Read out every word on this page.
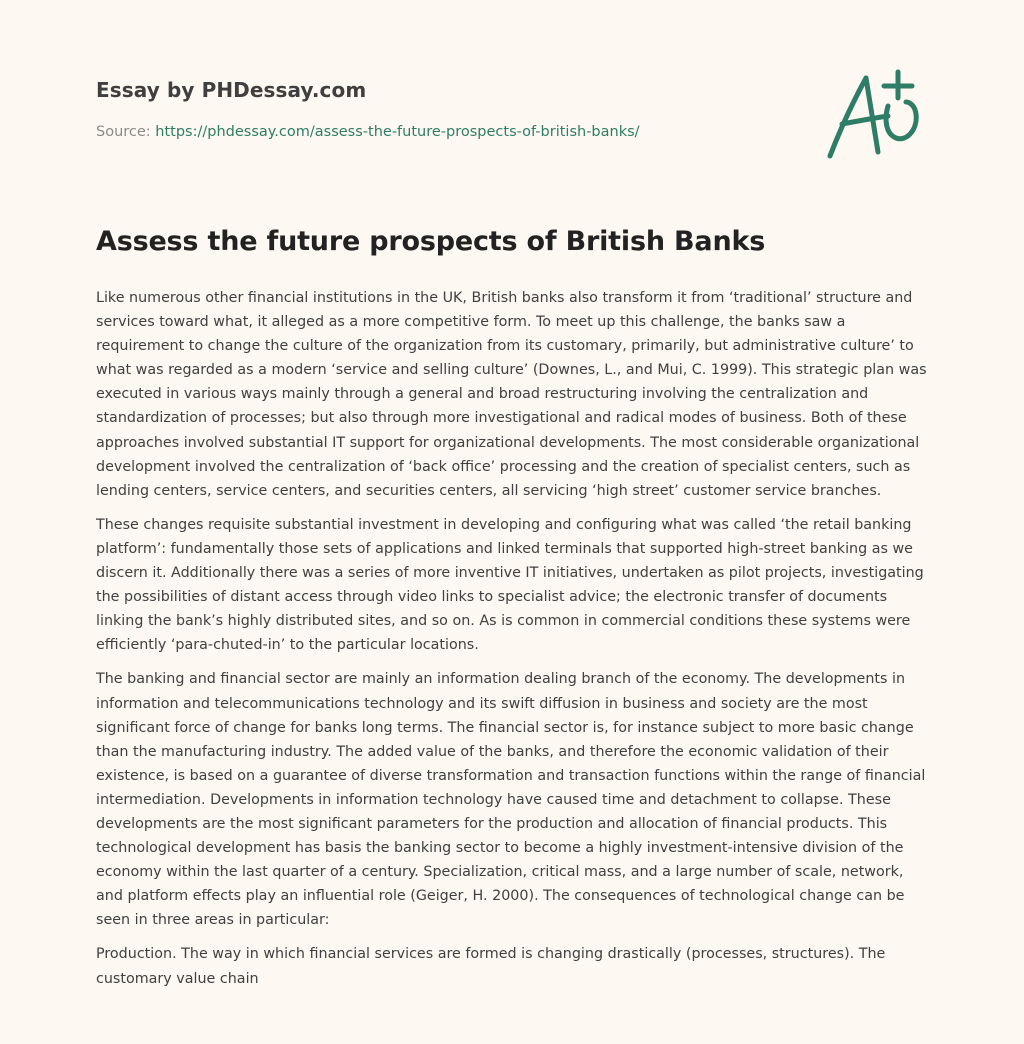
Essay by PHDessay.com
Source: https://phdessay.com/assess-the-future-prospects-of-british-banks/
Assess the future prospects of British Banks

Like numerous other financial institutions in the UK, British banks also transform it from ‘traditional’ structure and services toward what, it alleged as a more competitive form. To meet up this challenge, the banks saw a requirement to change the culture of the organization from its customary, primarily, but administrative culture’ to what was regarded as a modern ‘service and selling culture’ (Downes, L., and Mui, C. 1999). This strategic plan was executed in various ways mainly through a general and broad restructuring involving the centralization and standardization of processes; but also through more investigational and radical modes of business. Both of these approaches involved substantial IT support for organizational developments. The most considerable organizational development involved the centralization of ‘back office’ processing and the creation of specialist centers, such as lending centers, service centers, and securities centers, all servicing ‘high street’ customer service branches.

These changes requisite substantial investment in developing and configuring what was called ‘the retail banking platform’: fundamentally those sets of applications and linked terminals that supported high-street banking as we discern it. Additionally there was a series of more inventive IT initiatives, undertaken as pilot projects, investigating the possibilities of distant access through video links to specialist advice; the electronic transfer of documents linking the bank’s highly distributed sites, and so on. As is common in commercial conditions these systems were efficiently ‘para-chuted-in’ to the particular locations.

The banking and financial sector are mainly an information dealing branch of the economy. The developments in information and telecommunications technology and its swift diffusion in business and society are the most significant force of change for banks long terms. The financial sector is, for instance subject to more basic change than the manufacturing industry. The added value of the banks, and therefore the economic validation of their existence, is based on a guarantee of diverse transformation and transaction functions within the range of financial intermediation. Developments in information technology have caused time and detachment to collapse. These developments are the most significant parameters for the production and allocation of financial products. This technological development has basis the banking sector to become a highly investment-intensive division of the economy within the last quarter of a century. Specialization, critical mass, and a large number of scale, network, and platform effects play an influential role (Geiger, H. 2000). The consequences of technological change can be seen in three areas in particular:

Production. The way in which financial services are formed is changing drastically (processes, structures). The customary value chain
